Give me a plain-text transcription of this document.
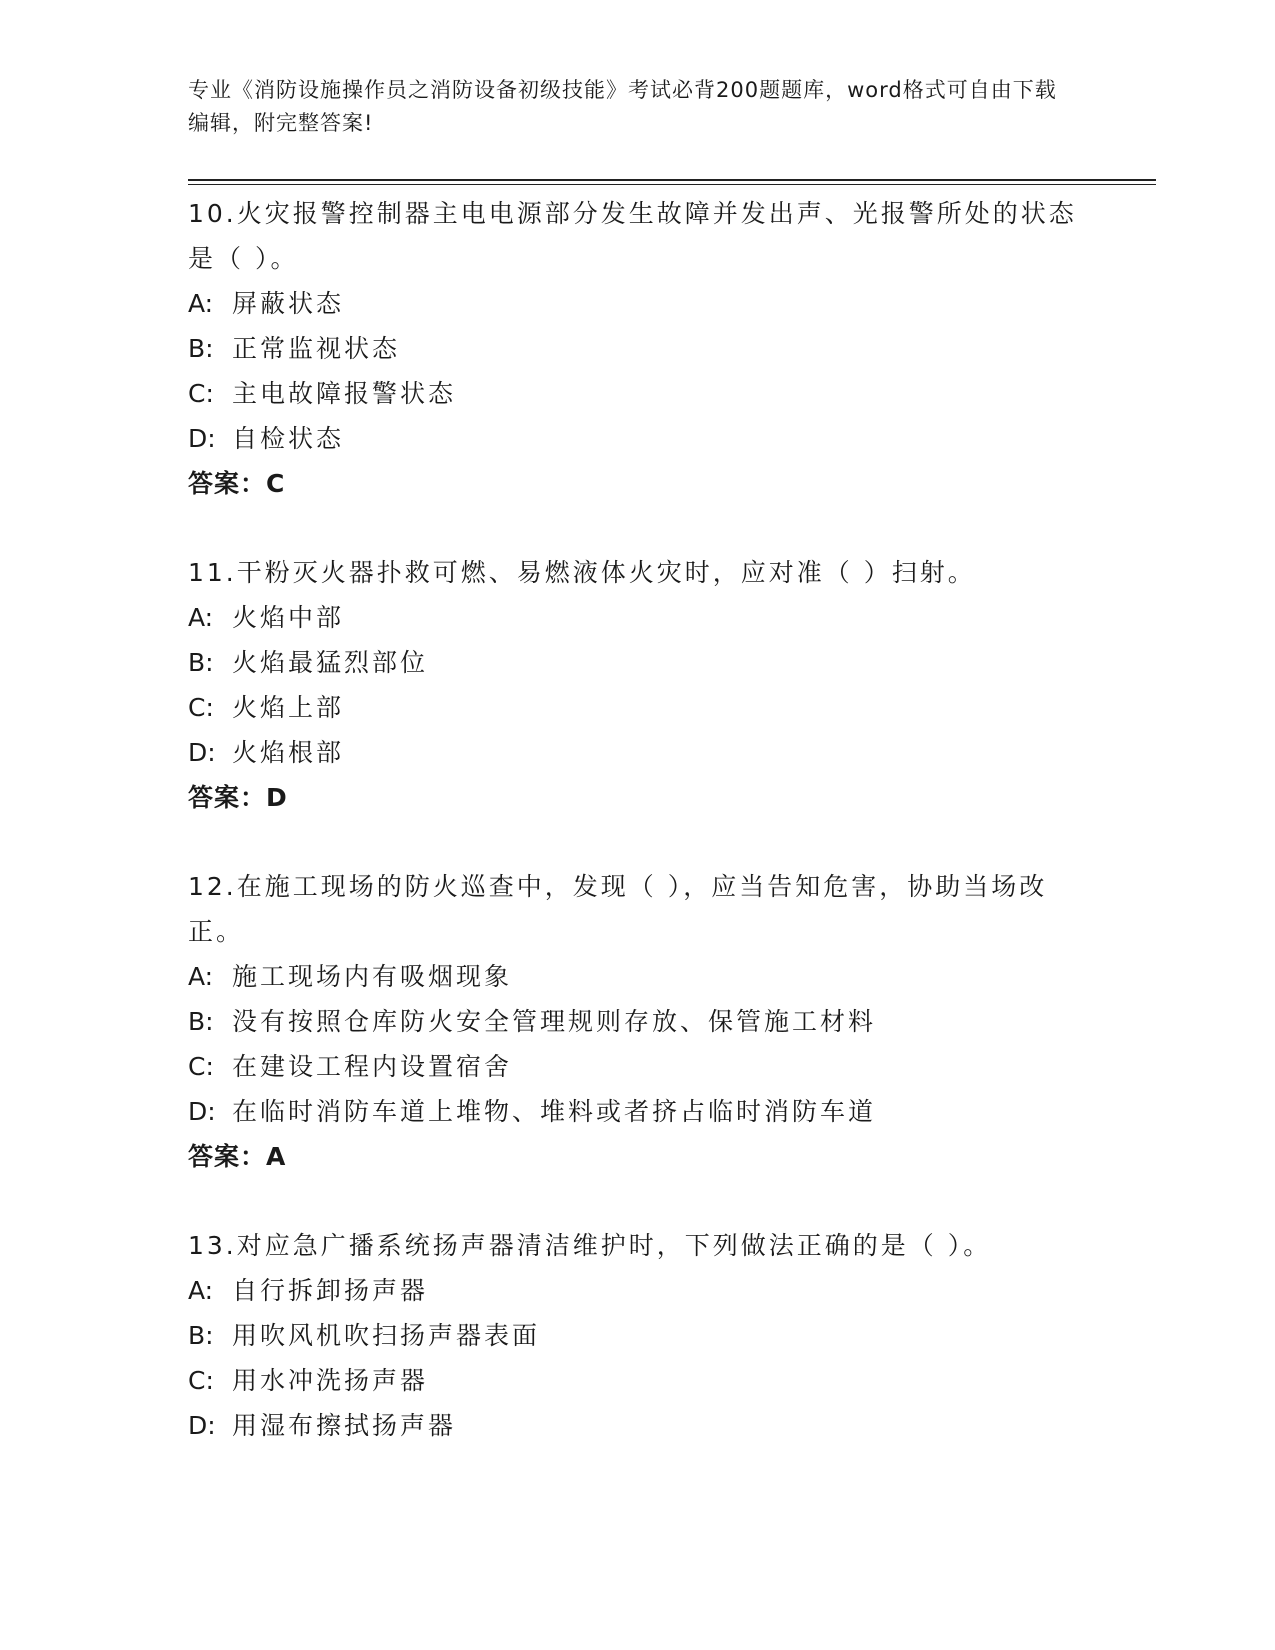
专业《消防设施操作员之消防设备初级技能》考试必背200题题库，word格式可自由下载编辑，附完整答案!

10.火灾报警控制器主电电源部分发生故障并发出声、光报警所处的状态是（ ）。

A: 屏蔽状态

B: 正常监视状态

C: 主电故障报警状态

D: 自检状态

答案：C

11.干粉灭火器扑救可燃、易燃液体火灾时，应对准（ ）扫射。

A: 火焰中部

B: 火焰最猛烈部位

C: 火焰上部

D: 火焰根部

答案：D

12.在施工现场的防火巡查中，发现（ ），应当告知危害，协助当场改正。

A: 施工现场内有吸烟现象

B: 没有按照仓库防火安全管理规则存放、保管施工材料

C: 在建设工程内设置宿舍

D: 在临时消防车道上堆物、堆料或者挤占临时消防车道

答案：A

13.对应急广播系统扬声器清洁维护时，下列做法正确的是（ ）。

A: 自行拆卸扬声器

B: 用吹风机吹扫扬声器表面

C: 用水冲洗扬声器

D: 用湿布擦拭扬声器
